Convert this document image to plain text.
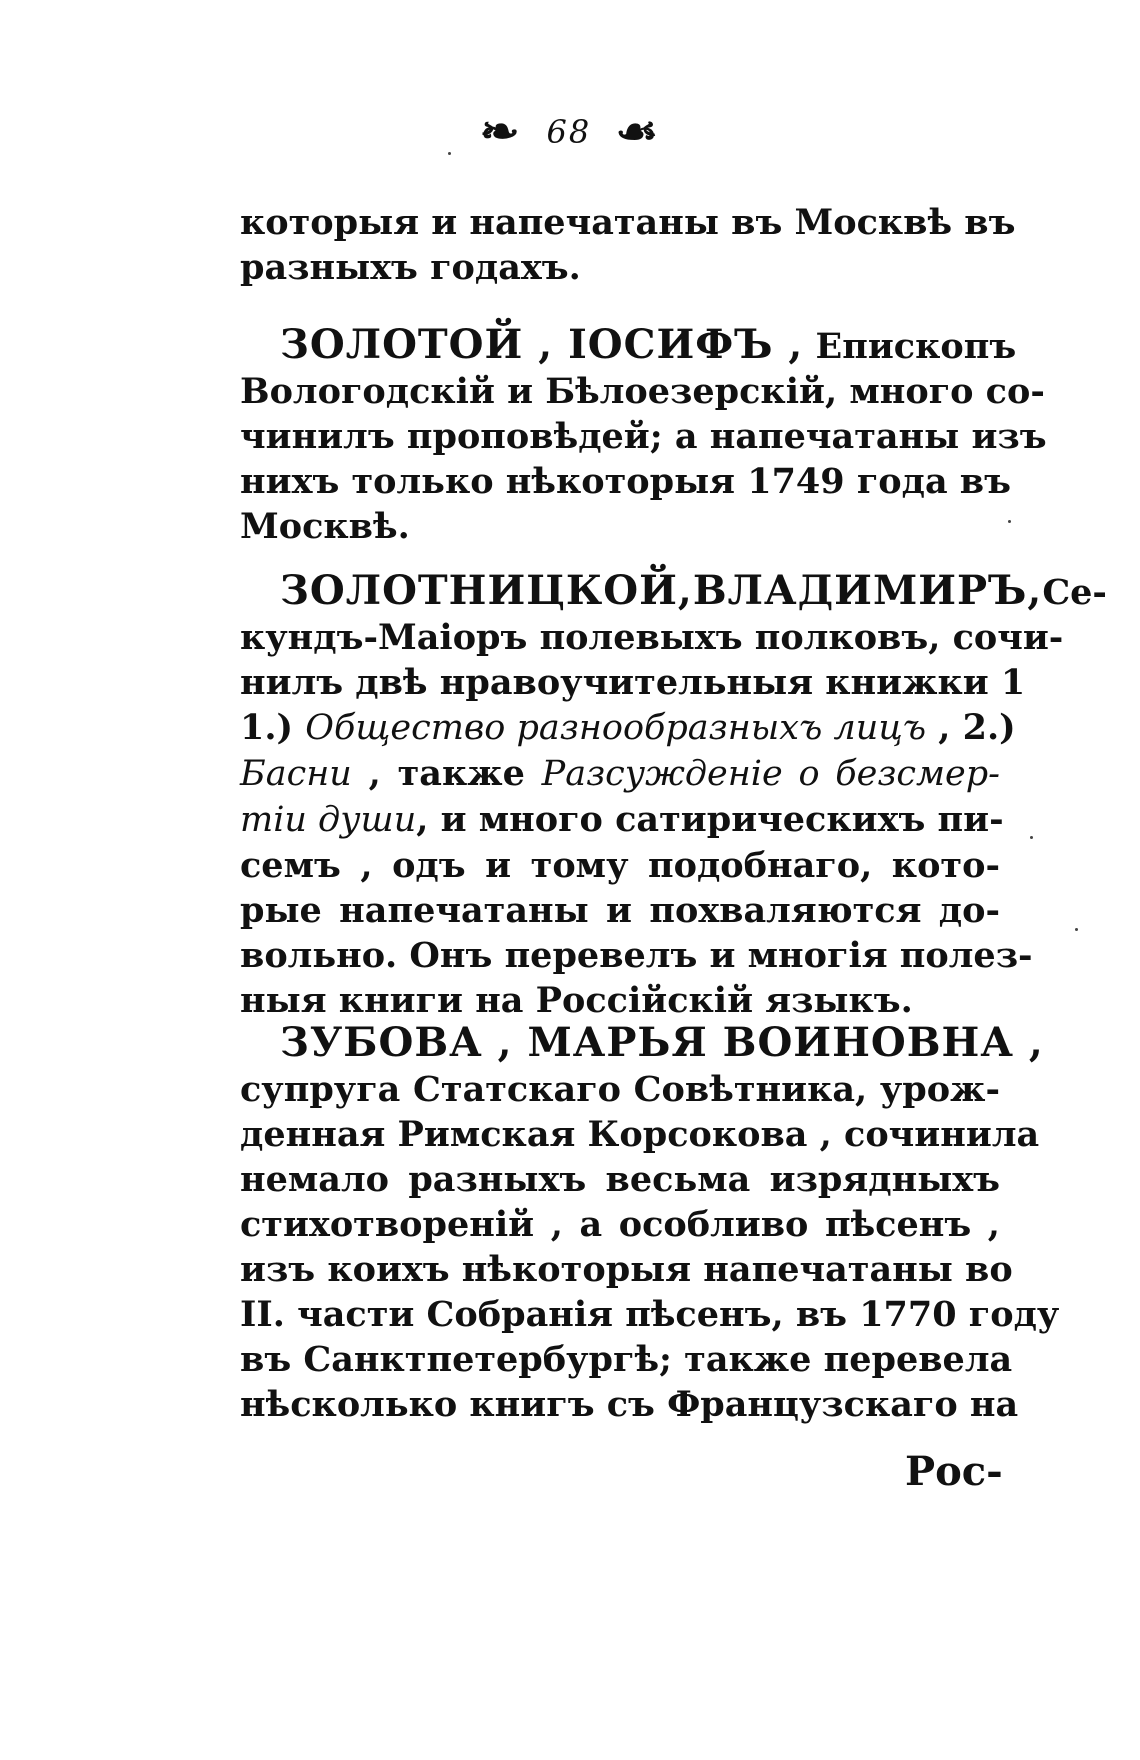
❧ 68 ☙
которыя и напечатаны въ Москвѣ въ
разныхъ годахъ.
ЗОЛОТОЙ , ІОСИФЪ , Епископъ
Вологодскій и Бѣлоезерскій, много со-
чинилъ проповѣдей; а напечатаны изъ
нихъ только нѣкоторыя 1749 года въ
Москвѣ.
ЗОЛОТНИЦКОЙ,ВЛАДИМИРЪ,Се-
кундъ-Маіоръ полевыхъ полковъ, сочи-
нилъ двѣ нравоучительныя книжки 1
1.) Общество разнообразныхъ лицъ , 2.)
Басни , также Разсужденіе о безсмер-
тіи души, и много сатирическихъ пи-
семъ , одъ и тому подобнаго, кото-
рые напечатаны и похваляются до-
вольно. Онъ перевелъ и многія полез-
ныя книги на Россійскій языкъ.
ЗУБОВА , МАРЬЯ ВОИНОВНА ,
супруга Статскаго Совѣтника, урож-
денная Римская Корсокова , сочинила
немало разныхъ весьма изрядныхъ
стихотвореній , а особливо пѣсенъ ,
изъ коихъ нѣкоторыя напечатаны во
II. части Собранія пѣсенъ, въ 1770 году
въ Санктпетербургѣ; также перевела
нѣсколько книгъ съ Французскаго на
Рос-
